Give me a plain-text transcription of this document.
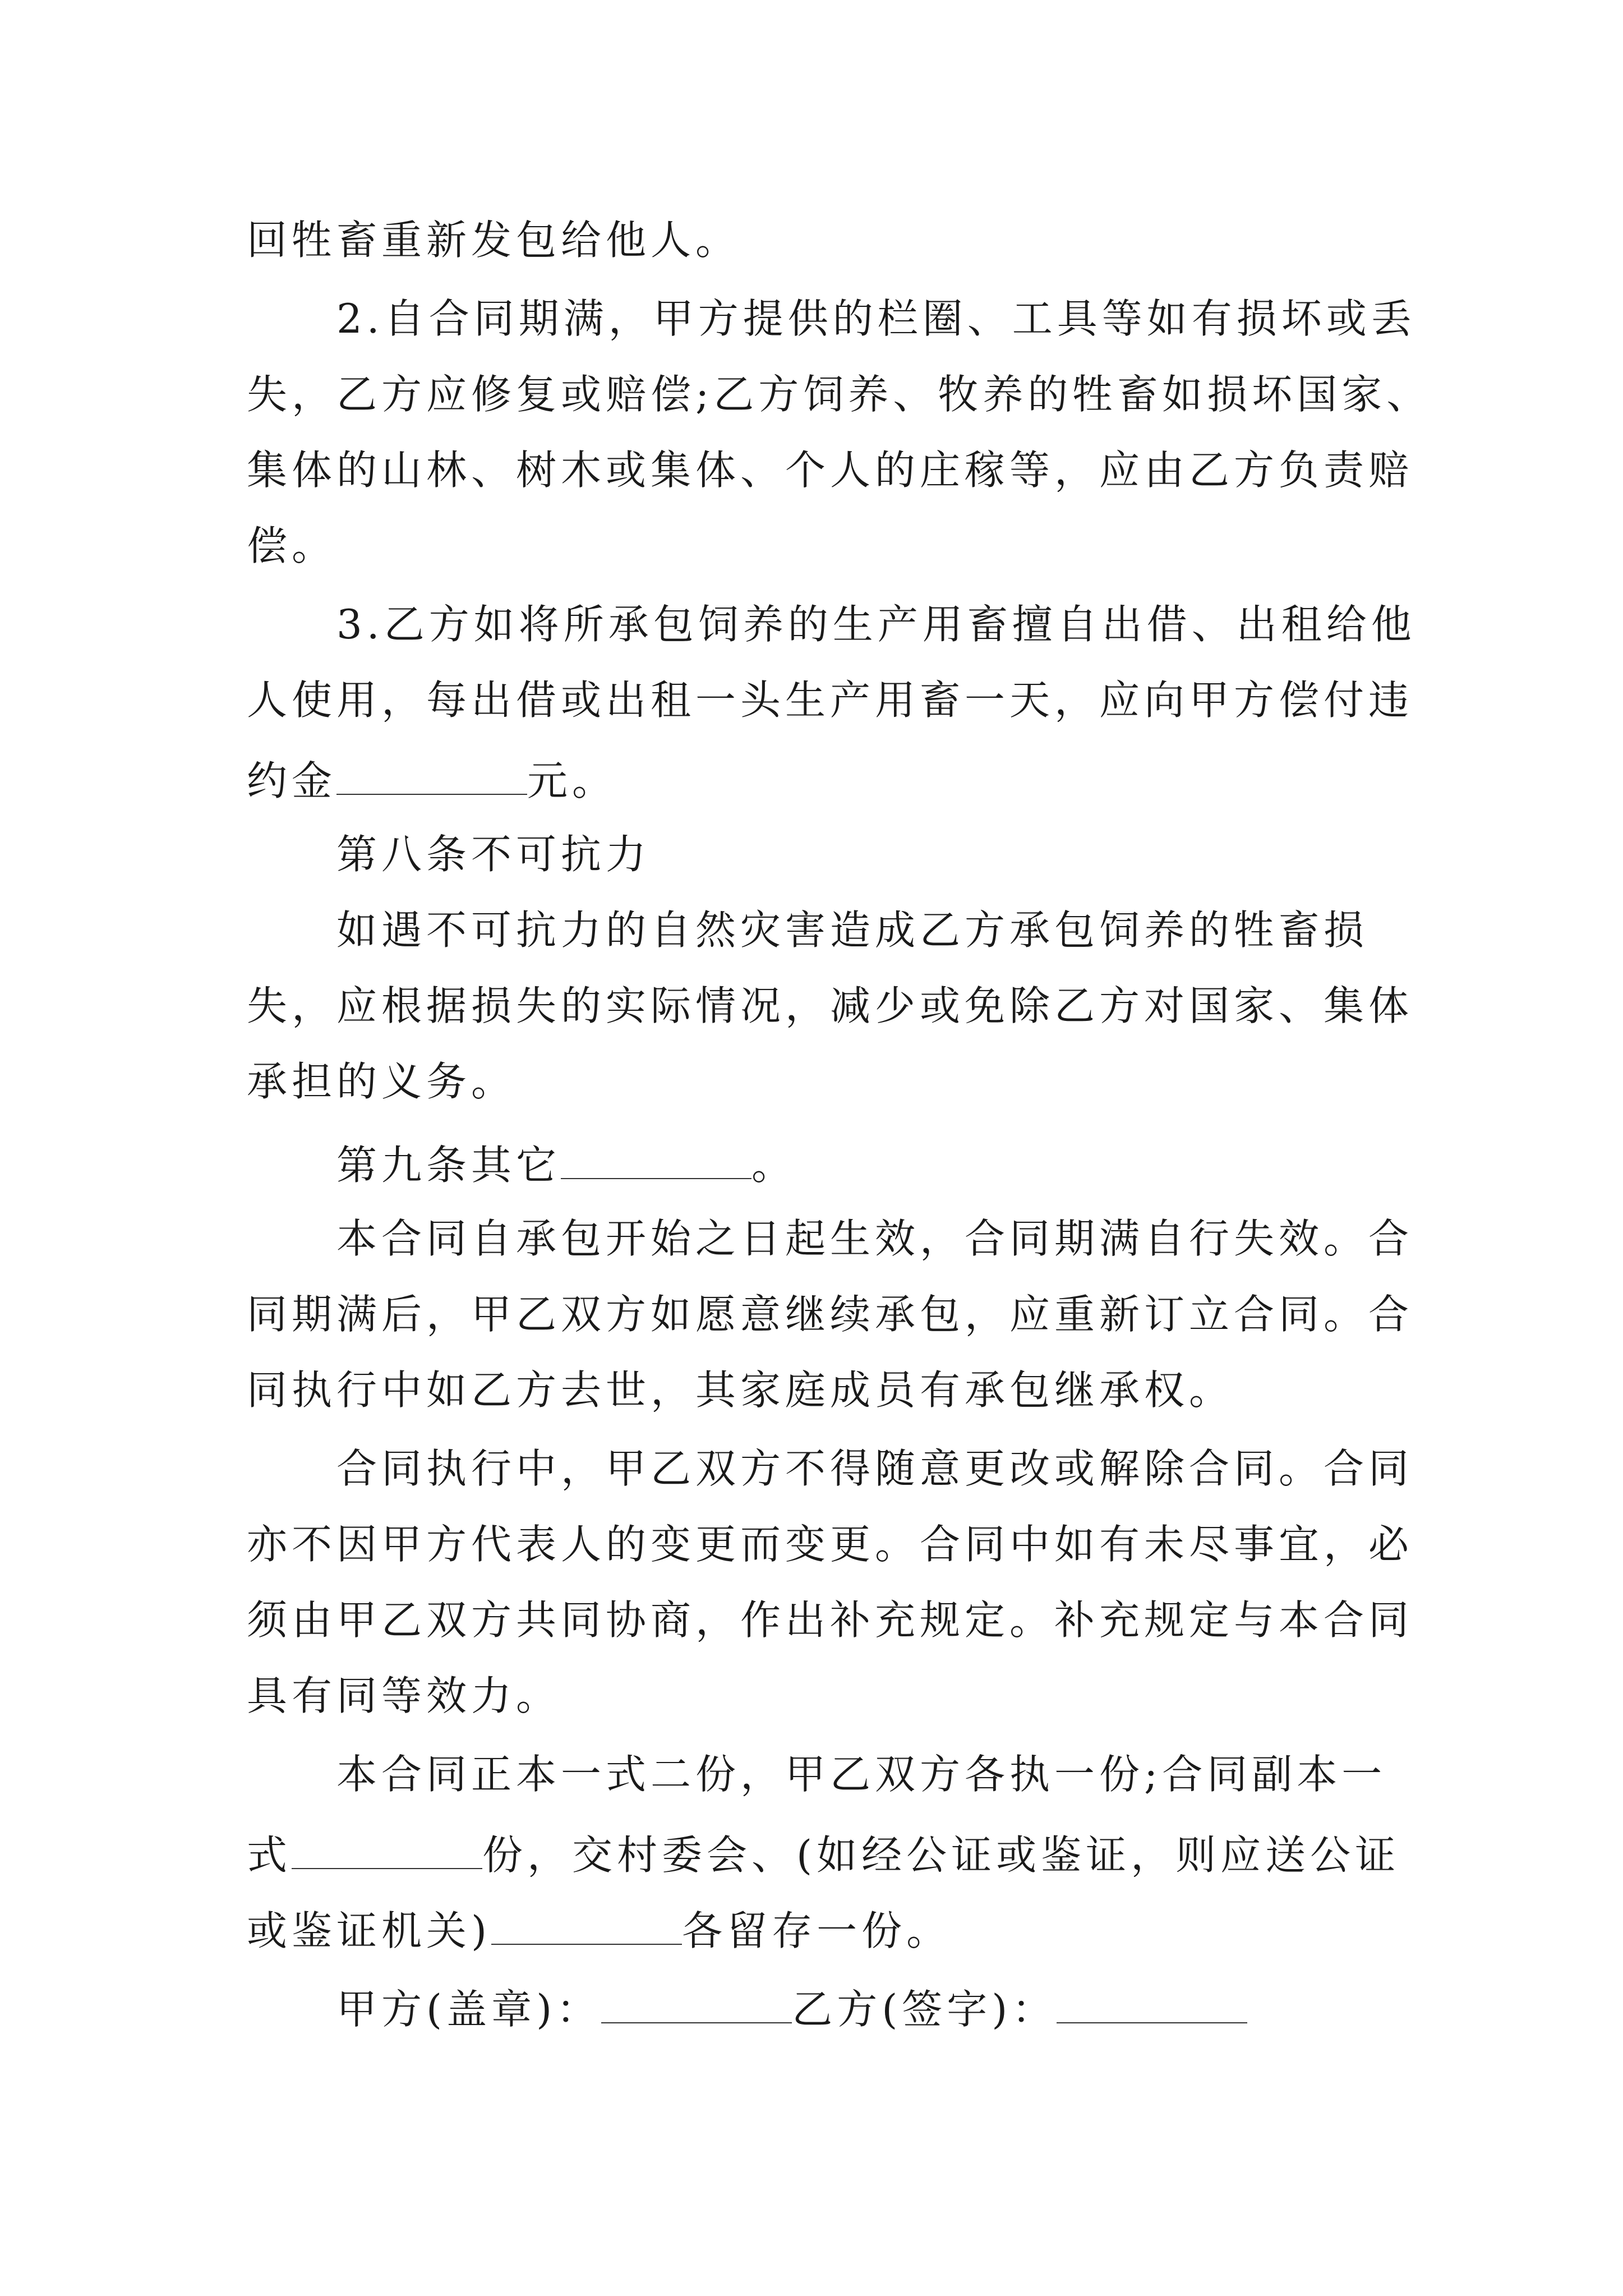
回牲畜重新发包给他人。
2.自合同期满，甲方提供的栏圈、工具等如有损坏或丢
失，乙方应修复或赔偿;乙方饲养、牧养的牲畜如损坏国家、
集体的山林、树木或集体、个人的庄稼等，应由乙方负责赔
偿。
3.乙方如将所承包饲养的生产用畜擅自出借、出租给他
人使用，每出借或出租一头生产用畜一天，应向甲方偿付违
约金	元。
第八条不可抗力
如遇不可抗力的自然灾害造成乙方承包饲养的牲畜损
失，应根据损失的实际情况，减少或免除乙方对国家、集体
承担的义务。
第九条其它	。
本合同自承包开始之日起生效，合同期满自行失效。合
同期满后，甲乙双方如愿意继续承包，应重新订立合同。合
同执行中如乙方去世，其家庭成员有承包继承权。
合同执行中，甲乙双方不得随意更改或解除合同。合同
亦不因甲方代表人的变更而变更。合同中如有未尽事宜，必
须由甲乙双方共同协商，作出补充规定。补充规定与本合同
具有同等效力。
本合同正本一式二份，甲乙双方各执一份;合同副本一
式	份，交村委会、(如经公证或鉴证，则应送公证
或鉴证机关)	各留存一份。
甲方(盖章)：	乙方(签字)：
